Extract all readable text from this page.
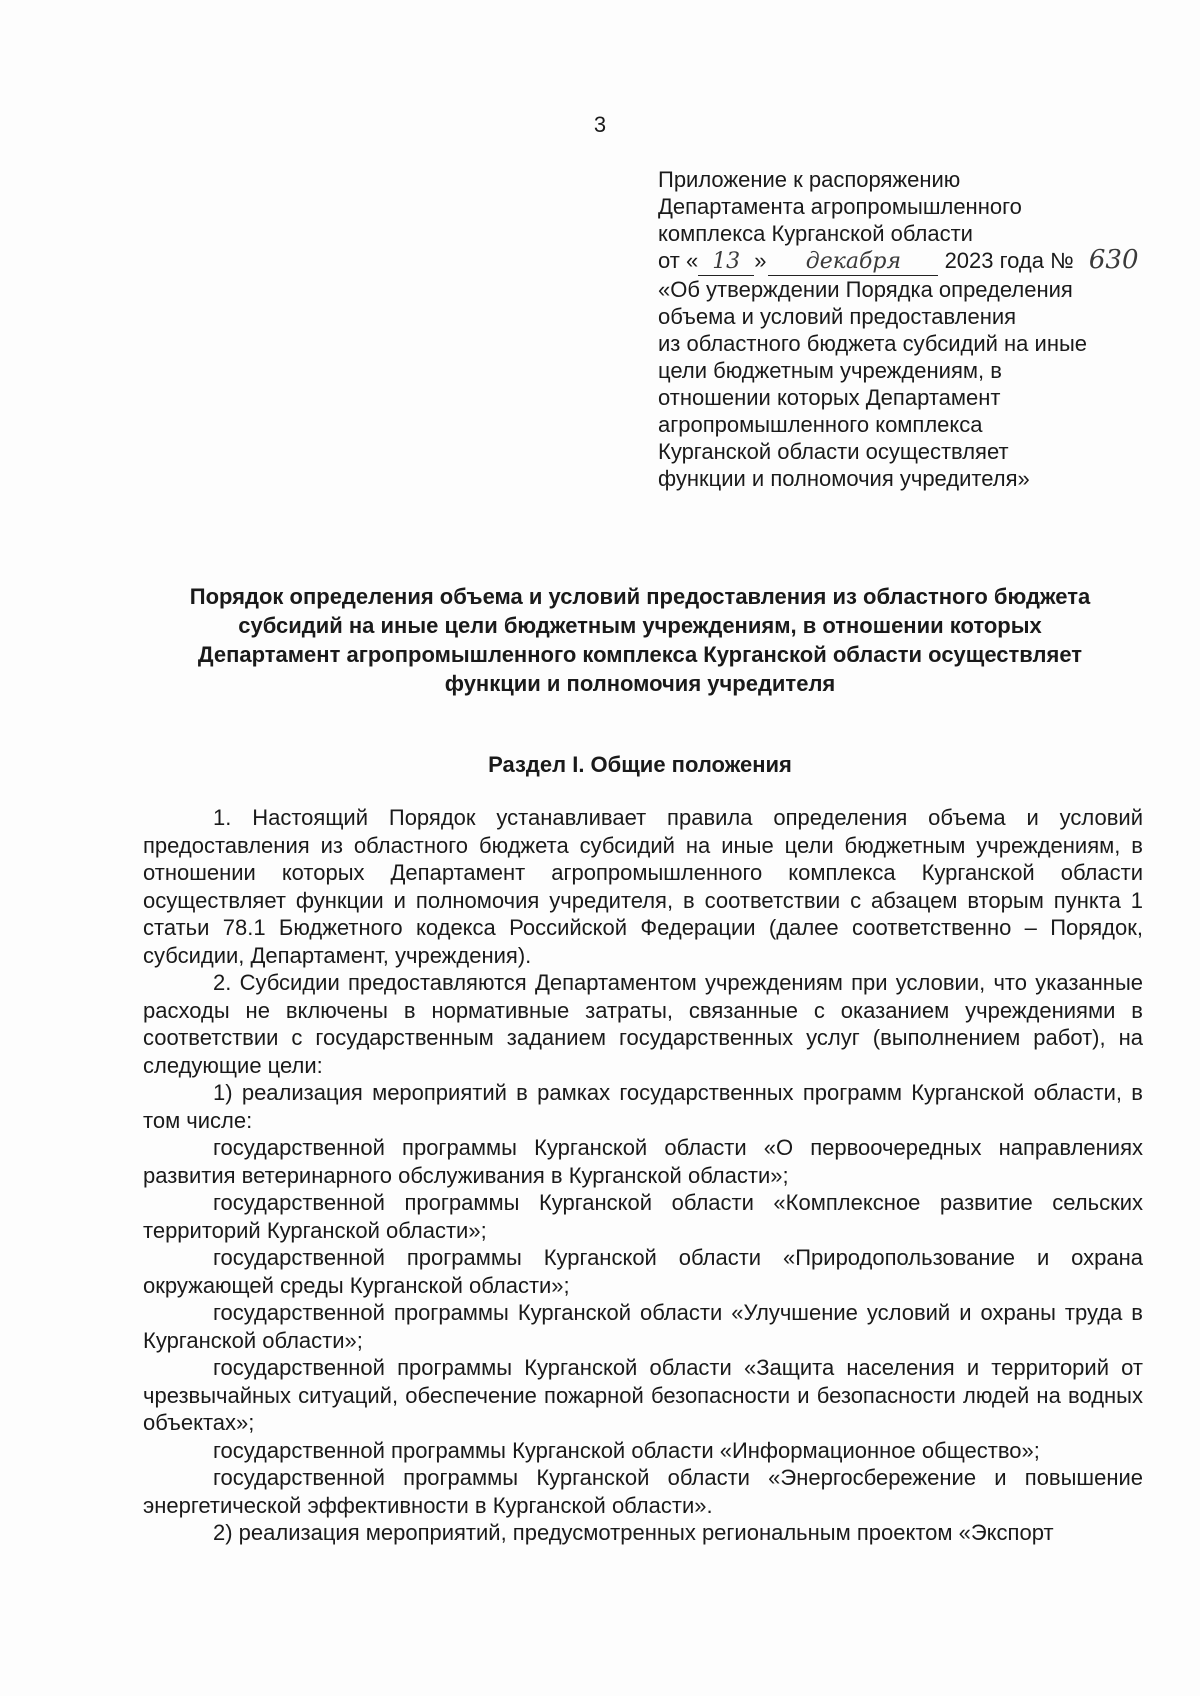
3
Приложение к распоряжению
Департамента агропромышленного
комплекса Курганской области
от « 13 » декабря 2023 года № 630
«Об утверждении Порядка определения
объема и условий предоставления
из областного бюджета субсидий на иные
цели бюджетным учреждениям, в
отношении которых Департамент
агропромышленного комплекса
Курганской области осуществляет
функции и полномочия учредителя»
Порядок определения объема и условий предоставления из областного бюджета
субсидий на иные цели бюджетным учреждениям, в отношении которых
Департамент агропромышленного комплекса Курганской области осуществляет
функции и полномочия учредителя
Раздел I. Общие положения

1. Настоящий Порядок устанавливает правила определения объема и условий предоставления из областного бюджета субсидий на иные цели бюджетным учреждениям, в отношении которых Департамент агропромышленного комплекса Курганской области осуществляет функции и полномочия учредителя, в соответствии с абзацем вторым пункта 1 статьи 78.1 Бюджетного кодекса Российской Федерации (далее соответственно – Порядок, субсидии, Департамент, учреждения).

2. Субсидии предоставляются Департаментом учреждениям при условии, что указанные расходы не включены в нормативные затраты, связанные с оказанием учреждениями в соответствии с государственным заданием государственных услуг (выполнением работ), на следующие цели:

1) реализация мероприятий в рамках государственных программ Курганской области, в том числе:

государственной программы Курганской области «О первоочередных направлениях развития ветеринарного обслуживания в Курганской области»;

государственной программы Курганской области «Комплексное развитие сельских территорий Курганской области»;

государственной программы Курганской области «Природопользование и охрана окружающей среды Курганской области»;

государственной программы Курганской области «Улучшение условий и охраны труда в Курганской области»;

государственной программы Курганской области «Защита населения и территорий от чрезвычайных ситуаций, обеспечение пожарной безопасности и безопасности людей на водных объектах»;

государственной программы Курганской области «Информационное общество»;

государственной программы Курганской области «Энергосбережение и повышение энергетической эффективности в Курганской области».

2) реализация мероприятий, предусмотренных региональным проектом «Экспорт
